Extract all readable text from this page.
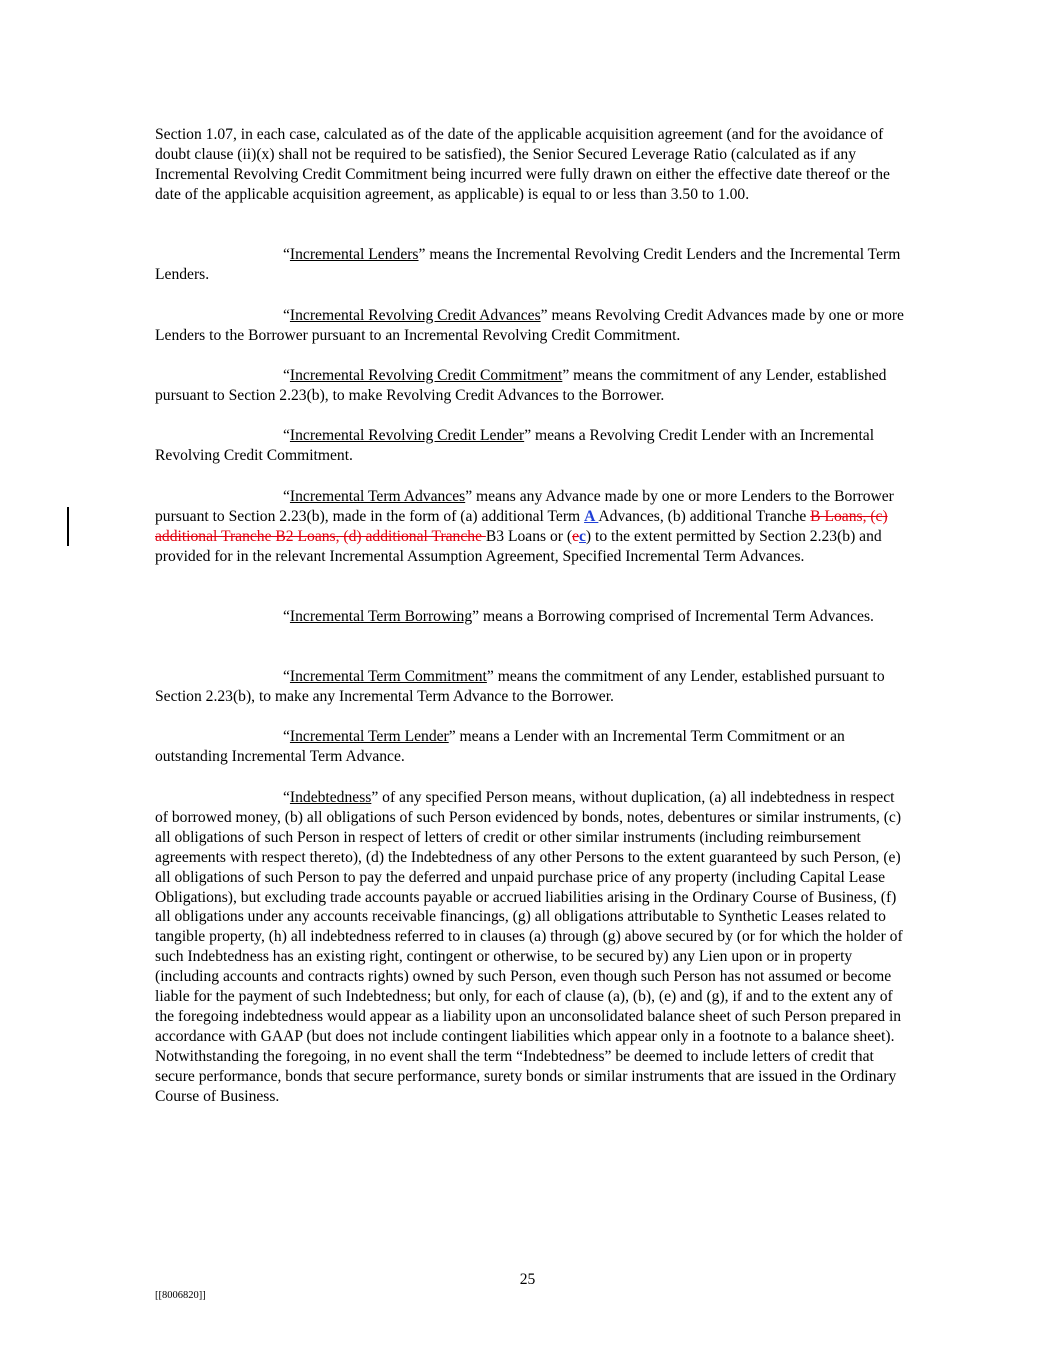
Section 1.07, in each case, calculated as of the date of the applicable acquisition agreement (and for the avoidance of doubt clause (ii)(x) shall not be required to be satisfied), the Senior Secured Leverage Ratio (calculated as if any Incremental Revolving Credit Commitment being incurred were fully drawn on either the effective date thereof or the date of the applicable acquisition agreement, as applicable) is equal to or less than 3.50 to 1.00.

“Incremental Lenders” means the Incremental Revolving Credit Lenders and the Incremental Term Lenders.

“Incremental Revolving Credit Advances” means Revolving Credit Advances made by one or more Lenders to the Borrower pursuant to an Incremental Revolving Credit Commitment.

“Incremental Revolving Credit Commitment” means the commitment of any Lender, established pursuant to Section 2.23(b), to make Revolving Credit Advances to the Borrower.

“Incremental Revolving Credit Lender” means a Revolving Credit Lender with an Incremental Revolving Credit Commitment.

“Incremental Term Advances” means any Advance made by one or more Lenders to the Borrower pursuant to Section 2.23(b), made in the form of (a) additional Term A Advances, (b) additional Tranche B Loans, (c) additional Tranche B2 Loans, (d) additional Tranche B3 Loans or (ec) to the extent permitted by Section 2.23(b) and provided for in the relevant Incremental Assumption Agreement, Specified Incremental Term Advances.

“Incremental Term Borrowing” means a Borrowing comprised of Incremental Term Advances.

“Incremental Term Commitment” means the commitment of any Lender, established pursuant to Section 2.23(b), to make any Incremental Term Advance to the Borrower.

“Incremental Term Lender” means a Lender with an Incremental Term Commitment or an outstanding Incremental Term Advance.

“Indebtedness” of any specified Person means, without duplication, (a) all indebtedness in respect of borrowed money, (b) all obligations of such Person evidenced by bonds, notes, debentures or similar instruments, (c) all obligations of such Person in respect of letters of credit or other similar instruments (including reimbursement agreements with respect thereto), (d) the Indebtedness of any other Persons to the extent guaranteed by such Person, (e) all obligations of such Person to pay the deferred and unpaid purchase price of any property (including Capital Lease Obligations), but excluding trade accounts payable or accrued liabilities arising in the Ordinary Course of Business, (f) all obligations under any accounts receivable financings, (g) all obligations attributable to Synthetic Leases related to tangible property, (h) all indebtedness referred to in clauses (a) through (g) above secured by (or for which the holder of such Indebtedness has an existing right, contingent or otherwise, to be secured by) any Lien upon or in property (including accounts and contracts rights) owned by such Person, even though such Person has not assumed or become liable for the payment of such Indebtedness; but only, for each of clause (a), (b), (e) and (g), if and to the extent any of the foregoing indebtedness would appear as a liability upon an unconsolidated balance sheet of such Person prepared in accordance with GAAP (but does not include contingent liabilities which appear only in a footnote to a balance sheet). Notwithstanding the foregoing, in no event shall the term “Indebtedness” be deemed to include letters of credit that secure performance, bonds that secure performance, surety bonds or similar instruments that are issued in the Ordinary Course of Business.

25
[[8006820]]
